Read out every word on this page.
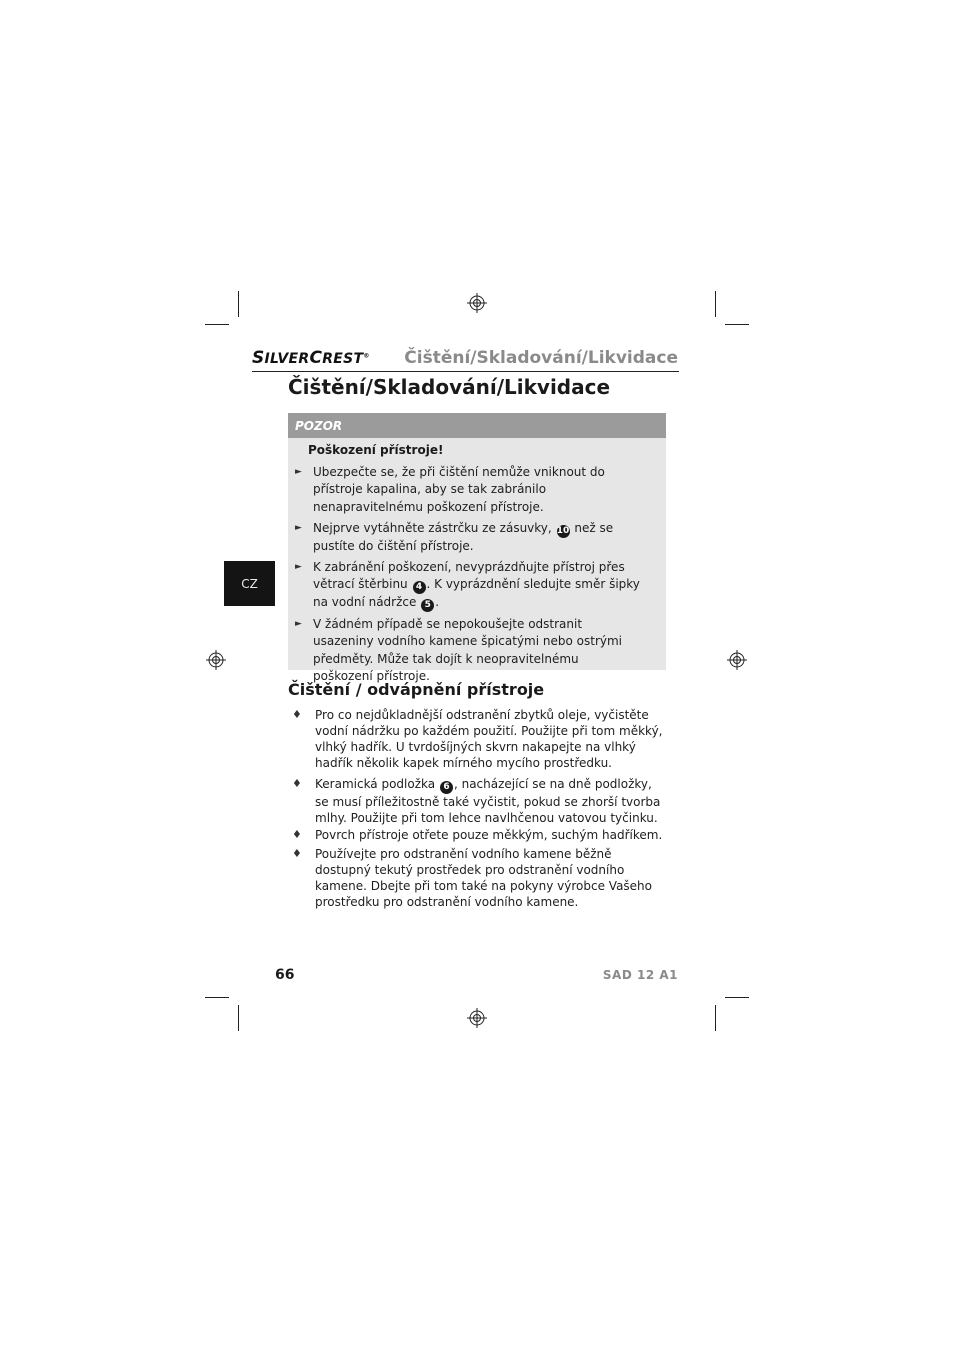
SILVERCREST® Čištění/Skladování/Likvidace
Čištění/Skladování/Likvidace
POZOR
Poškození přístroje!
► Ubezpečte se, že při čištění nemůže vniknout do přístroje kapalina, aby se tak zabránilo nenapravitelnému poškození přístroje.
► Nejprve vytáhněte zástrčku ze zásuvky, 10 než se pustíte do čištění přístroje.
► K zabránění poškození, nevyprázdňujte přístroj přes větrací štěrbinu 4 . K vyprázdnění sledujte směr šipky na vodní nádržce 5 .
► V žádném případě se nepokoušejte odstranit usazeniny vodního kamene špicatými nebo ostrými předměty. Může tak dojít k neopravitelnému poškození přístroje.
CZ
Čištění / odvápnění přístroje
♦ Pro co nejdůkladnější odstranění zbytků oleje, vyčistěte vodní nádržku po každém použití. Použijte při tom měkký, vlhký hadřík. U tvrdošíjných skvrn nakapejte na vlhký hadřík několik kapek mírného mycího prostředku.
♦ Keramická podložka 6 , nacházející se na dně podložky, se musí příležitostně také vyčistit, pokud se zhorší tvorba mlhy. Použijte při tom lehce navlhčenou vatovou tyčinku.
♦ Povrch přístroje otřete pouze měkkým, suchým hadříkem.
♦ Používejte pro odstranění vodního kamene běžně dostupný tekutý prostředek pro odstranění vodního kamene. Dbejte při tom také na pokyny výrobce Vašeho prostředku pro odstranění vodního kamene.
66	SAD 12 A1
